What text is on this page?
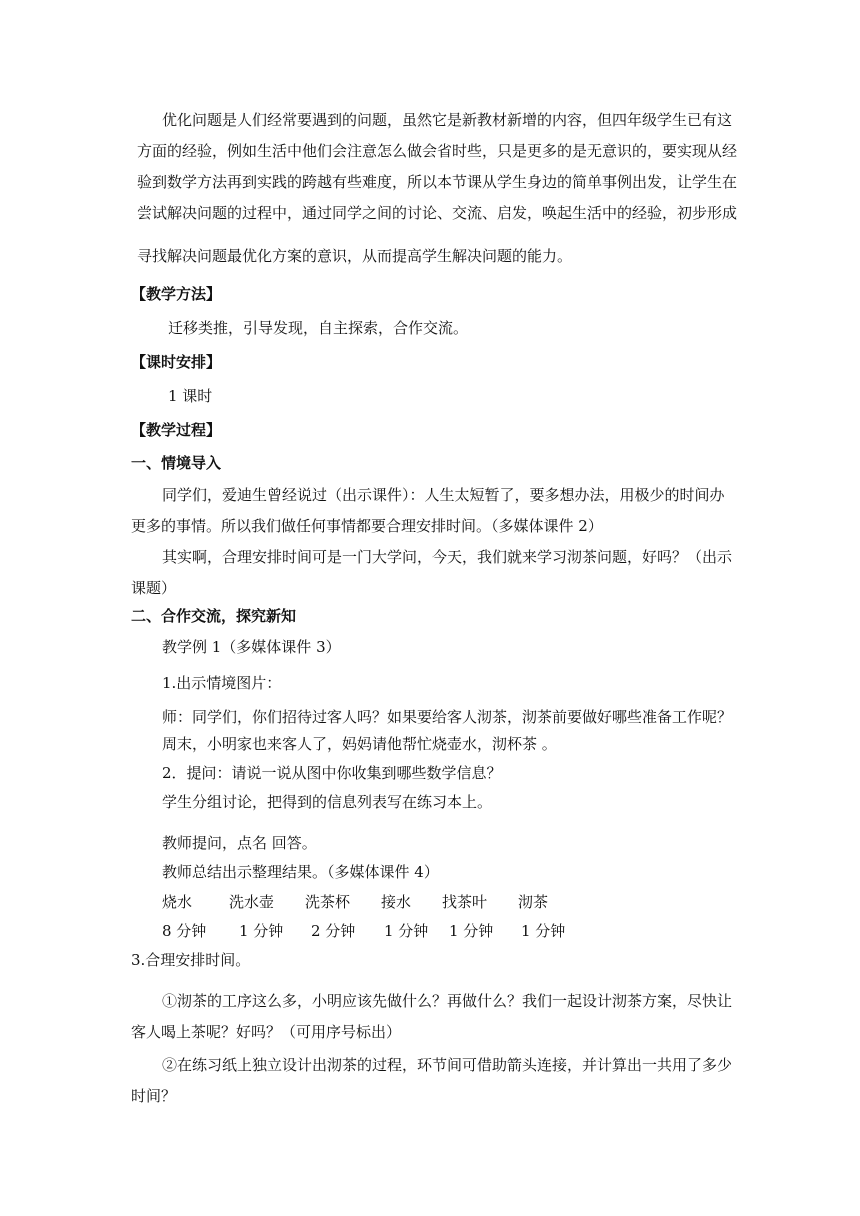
优化问题是人们经常要遇到的问题，虽然它是新教材新增的内容，但四年级学生已有这
方面的经验，例如生活中他们会注意怎么做会省时些，只是更多的是无意识的，要实现从经
验到数学方法再到实践的跨越有些难度，所以本节课从学生身边的简单事例出发，让学生在
尝试解决问题的过程中，通过同学之间的讨论、交流、启发，唤起生活中的经验，初步形成
寻找解决问题最优化方案的意识，从而提高学生解决问题的能力。
【教学方法】
迁移类推，引导发现，自主探索，合作交流。
【课时安排】
1 课时
【教学过程】
一、情境导入
同学们，爱迪生曾经说过（出示课件）：人生太短暂了，要多想办法，用极少的时间办
更多的事情。所以我们做任何事情都要合理安排时间。（多媒体课件 2）
其实啊，合理安排时间可是一门大学问，今天，我们就来学习沏茶问题，好吗？（出示
课题）
二、合作交流，探究新知
教学例 1（多媒体课件 3）
1.出示情境图片：
师：同学们，你们招待过客人吗？如果要给客人沏茶，沏茶前要做好哪些准备工作呢？
周末，小明家也来客人了，妈妈请他帮忙烧壶水，沏杯茶 。
2．提问：请说一说从图中你收集到哪些数学信息？
学生分组讨论，把得到的信息列表写在练习本上。
教师提问，点名 回答。
教师总结出示整理结果。（多媒体课件 4）
烧水 洗水壶 洗茶杯 接水 找茶叶 沏茶
8 分钟 1 分钟 2 分钟 1 分钟 1 分钟 1 分钟
3.合理安排时间。
①沏茶的工序这么多，小明应该先做什么？再做什么？我们一起设计沏茶方案，尽快让
客人喝上茶呢？好吗？（可用序号标出）
②在练习纸上独立设计出沏茶的过程，环节间可借助箭头连接，并计算出一共用了多少
时间？
